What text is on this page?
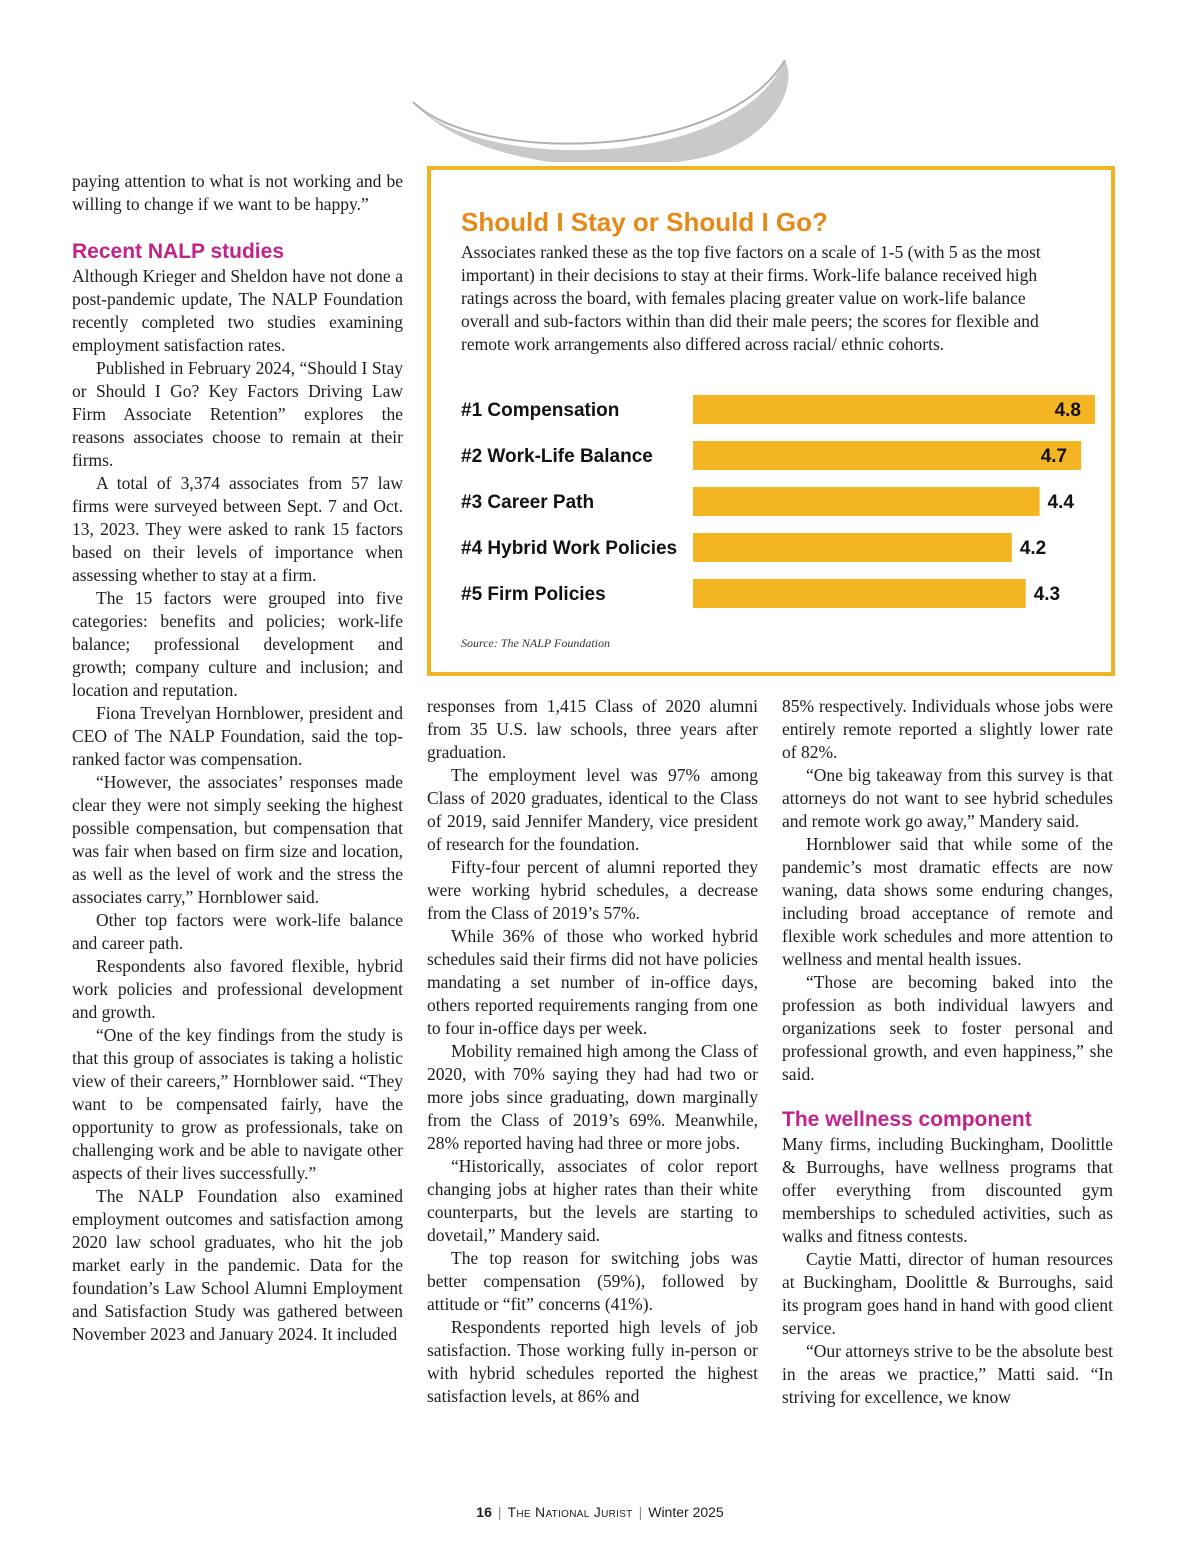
paying attention to what is not working and be willing to change if we want to be happy.”

Recent NALP studies

Although Krieger and Sheldon have not done a post-pandemic update, The NALP Foundation recently completed two studies examining employment satisfaction rates.

Published in February 2024, “Should I Stay or Should I Go? Key Factors Driving Law Firm Associate Retention” explores the reasons associates choose to remain at their firms.

A total of 3,374 associates from 57 law firms were surveyed between Sept. 7 and Oct. 13, 2023. They were asked to rank 15 factors based on their levels of importance when assessing whether to stay at a firm.

The 15 factors were grouped into five categories: benefits and policies; work-life balance; professional development and growth; company culture and inclusion; and location and reputation.

Fiona Trevelyan Hornblower, president and CEO of The NALP Foundation, said the top-ranked factor was compensation.

“However, the associates’ responses made clear they were not simply seeking the highest possible compensation, but compensation that was fair when based on firm size and location, as well as the level of work and the stress the associates carry,” Hornblower said.

Other top factors were work-life balance and career path.

Respondents also favored flexible, hybrid work policies and professional development and growth.

“One of the key findings from the study is that this group of associates is taking a holistic view of their careers,” Hornblower said. “They want to be compensated fairly, have the opportunity to grow as professionals, take on challenging work and be able to navigate other aspects of their lives successfully.”

The NALP Foundation also examined employment outcomes and satisfaction among 2020 law school graduates, who hit the job market early in the pandemic. Data for the foundation’s Law School Alumni Employment and Satisfaction Study was gathered between November 2023 and January 2024. It included

Should I Stay or Should I Go?

Associates ranked these as the top five factors on a scale of 1-5 (with 5 as the most important) in their decisions to stay at their firms. Work-life balance received high ratings across the board, with females placing greater value on work-life balance overall and sub-factors within than did their male peers; the scores for flexible and remote work arrangements also differed across racial/ ethnic cohorts.

#1 Compensation	4.8
#2 Work-Life Balance	4.7
#3 Career Path	4.4
#4 Hybrid Work Policies	4.2
#5 Firm Policies	4.3

Source: The NALP Foundation

responses from 1,415 Class of 2020 alumni from 35 U.S. law schools, three years after graduation.

The employment level was 97% among Class of 2020 graduates, identical to the Class of 2019, said Jennifer Mandery, vice president of research for the foundation.

Fifty-four percent of alumni reported they were working hybrid schedules, a decrease from the Class of 2019’s 57%.

While 36% of those who worked hybrid schedules said their firms did not have policies mandating a set number of in-office days, others reported requirements ranging from one to four in-office days per week.

Mobility remained high among the Class of 2020, with 70% saying they had had two or more jobs since graduating, down marginally from the Class of 2019’s 69%. Meanwhile, 28% reported having had three or more jobs.

“Historically, associates of color report changing jobs at higher rates than their white counterparts, but the levels are starting to dovetail,” Mandery said.

The top reason for switching jobs was better compensation (59%), followed by attitude or “fit” concerns (41%).

Respondents reported high levels of job satisfaction. Those working fully in-person or with hybrid schedules reported the highest satisfaction levels, at 86% and

85% respectively. Individuals whose jobs were entirely remote reported a slightly lower rate of 82%.

“One big takeaway from this survey is that attorneys do not want to see hybrid schedules and remote work go away,” Mandery said.

Hornblower said that while some of the pandemic’s most dramatic effects are now waning, data shows some enduring changes, including broad acceptance of remote and flexible work schedules and more attention to wellness and mental health issues.

“Those are becoming baked into the profession as both individual lawyers and organizations seek to foster personal and professional growth, and even happiness,” she said.

The wellness component

Many firms, including Buckingham, Doolittle & Burroughs, have wellness programs that offer everything from discounted gym memberships to scheduled activities, such as walks and fitness contests.

Caytie Matti, director of human resources at Buckingham, Doolittle & Burroughs, said its program goes hand in hand with good client service.

“Our attorneys strive to be the absolute best in the areas we practice,” Matti said. “In striving for excellence, we know

16 | The National Jurist | Winter 2025
